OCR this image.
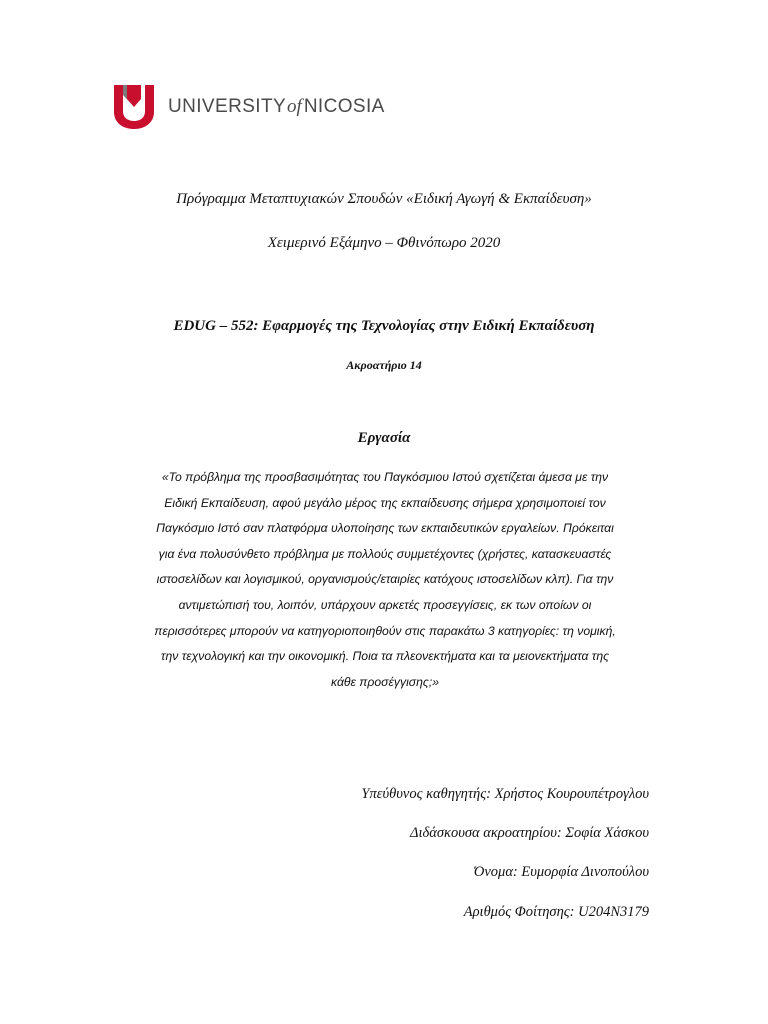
UNIVERSITY of NICOSIA
Πρόγραμμα Μεταπτυχιακών Σπουδών «Ειδική Αγωγή & Εκπαίδευση»
Χειμερινό Εξάμηνο – Φθινόπωρο 2020
EDUG – 552: Εφαρμογές της Τεχνολογίας στην Ειδική Εκπαίδευση
Ακροατήριο 14
Εργασία

«Το πρόβλημα της προσβασιμότητας του Παγκόσμιου Ιστού σχετίζεται άμεσα με την
Ειδική Εκπαίδευση, αφού μεγάλο μέρος της εκπαίδευσης σήμερα χρησιμοποιεί τον
Παγκόσμιο Ιστό σαν πλατφόρμα υλοποίησης των εκπαιδευτικών εργαλείων. Πρόκειται
για ένα πολυσύνθετο πρόβλημα με πολλούς συμμετέχοντες (χρήστες, κατασκευαστές
ιστοσελίδων και λογισμικού, οργανισμούς/εταιρίες κατόχους ιστοσελίδων κλπ). Για την
αντιμετώπισή του, λοιπόν, υπάρχουν αρκετές προσεγγίσεις, εκ των οποίων οι
περισσότερες μπορούν να κατηγοριοποιηθούν στις παρακάτω 3 κατηγορίες: τη νομική,
την τεχνολογική και την οικονομική. Ποια τα πλεονεκτήματα και τα μειονεκτήματα της
κάθε προσέγγισης;»

Υπεύθυνος καθηγητής: Χρήστος Κουρουπέτρογλου
Διδάσκουσα ακροατηρίου: Σοφία Χάσκου
Όνομα: Ευμορφία Δινοπούλου
Αριθμός Φοίτησης: U204N3179
